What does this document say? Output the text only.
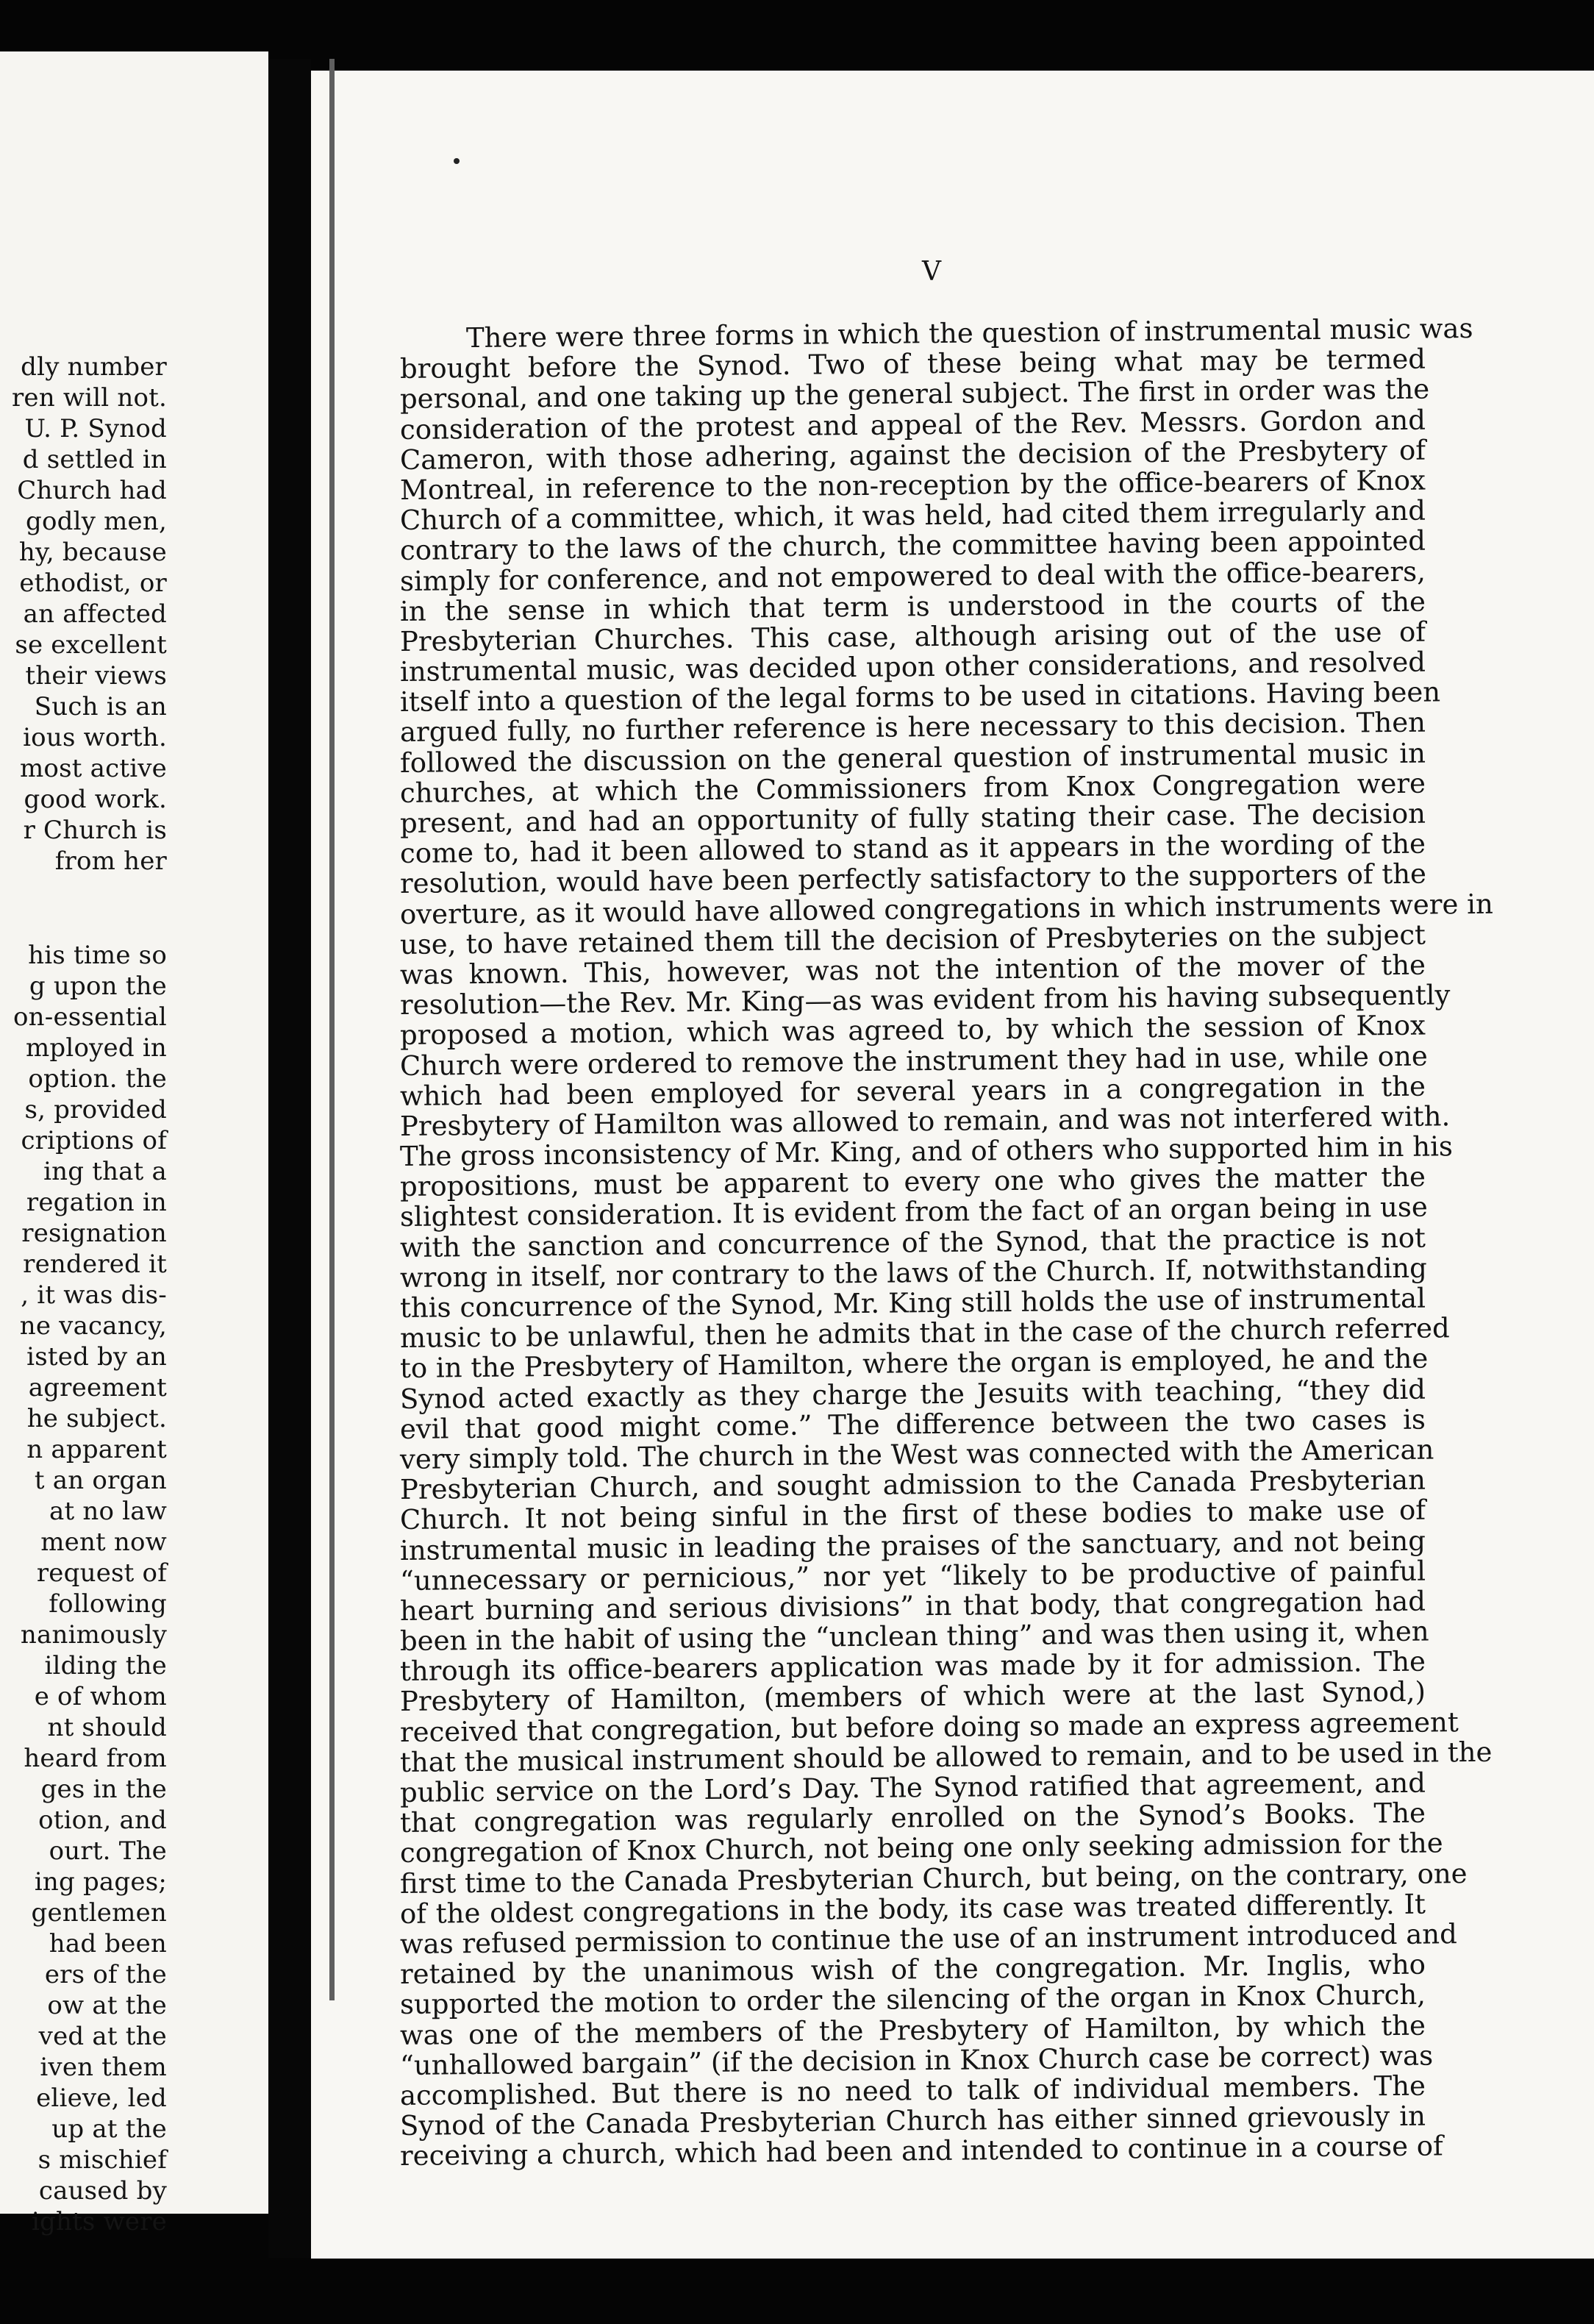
dly number
ren will not.
U. P. Synod
d settled in
Church had
godly men,
hy, because
ethodist, or
an affected
se excellent
their views
Such is an
ious worth.
most active
good work.
r Church is
from her
his time so
g upon the
on-essential
mployed in
option. the
s, provided
criptions of
ing that a
regation in
resignation
rendered it
, it was dis-
ne vacancy,
isted by an
agreement
he subject.
n apparent
t an organ
at no law
ment now
request of
following
nanimously
ilding the
e of whom
nt should
heard from
ges in the
otion, and
ourt. The
ing pages;
gentlemen
had been
ers of the
ow at the
ved at the
iven them
elieve, led
up at the
s mischief
caused by
ights were
V
There were three forms in which the question of instrumental music was
brought before the Synod. Two of these being what may be termed
personal, and one taking up the general subject. The first in order was the
consideration of the protest and appeal of the Rev. Messrs. Gordon and
Cameron, with those adhering, against the decision of the Presbytery of
Montreal, in reference to the non-reception by the office-bearers of Knox
Church of a committee, which, it was held, had cited them irregularly and
contrary to the laws of the church, the committee having been appointed
simply for conference, and not empowered to deal with the office-bearers,
in the sense in which that term is understood in the courts of the
Presbyterian Churches. This case, although arising out of the use of
instrumental music, was decided upon other considerations, and resolved
itself into a question of the legal forms to be used in citations. Having been
argued fully, no further reference is here necessary to this decision. Then
followed the discussion on the general question of instrumental music in
churches, at which the Commissioners from Knox Congregation were
present, and had an opportunity of fully stating their case. The decision
come to, had it been allowed to stand as it appears in the wording of the
resolution, would have been perfectly satisfactory to the supporters of the
overture, as it would have allowed congregations in which instruments were in
use, to have retained them till the decision of Presbyteries on the subject
was known. This, however, was not the intention of the mover of the
resolution—the Rev. Mr. King—as was evident from his having subsequently
proposed a motion, which was agreed to, by which the session of Knox
Church were ordered to remove the instrument they had in use, while one
which had been employed for several years in a congregation in the
Presbytery of Hamilton was allowed to remain, and was not interfered with.
The gross inconsistency of Mr. King, and of others who supported him in his
propositions, must be apparent to every one who gives the matter the
slightest consideration. It is evident from the fact of an organ being in use
with the sanction and concurrence of the Synod, that the practice is not
wrong in itself, nor contrary to the laws of the Church. If, notwithstanding
this concurrence of the Synod, Mr. King still holds the use of instrumental
music to be unlawful, then he admits that in the case of the church referred
to in the Presbytery of Hamilton, where the organ is employed, he and the
Synod acted exactly as they charge the Jesuits with teaching, “they did
evil that good might come.” The difference between the two cases is
very simply told. The church in the West was connected with the American
Presbyterian Church, and sought admission to the Canada Presbyterian
Church. It not being sinful in the first of these bodies to make use of
instrumental music in leading the praises of the sanctuary, and not being
“unnecessary or pernicious,” nor yet “likely to be productive of painful
heart burning and serious divisions” in that body, that congregation had
been in the habit of using the “unclean thing” and was then using it, when
through its office-bearers application was made by it for admission. The
Presbytery of Hamilton, (members of which were at the last Synod,)
received that congregation, but before doing so made an express agreement
that the musical instrument should be allowed to remain, and to be used in the
public service on the Lord’s Day. The Synod ratified that agreement, and
that congregation was regularly enrolled on the Synod’s Books. The
congregation of Knox Church, not being one only seeking admission for the
first time to the Canada Presbyterian Church, but being, on the contrary, one
of the oldest congregations in the body, its case was treated differently. It
was refused permission to continue the use of an instrument introduced and
retained by the unanimous wish of the congregation. Mr. Inglis, who
supported the motion to order the silencing of the organ in Knox Church,
was one of the members of the Presbytery of Hamilton, by which the
“unhallowed bargain” (if the decision in Knox Church case be correct) was
accomplished. But there is no need to talk of individual members. The
Synod of the Canada Presbyterian Church has either sinned grievously in
receiving a church, which had been and intended to continue in a course of
